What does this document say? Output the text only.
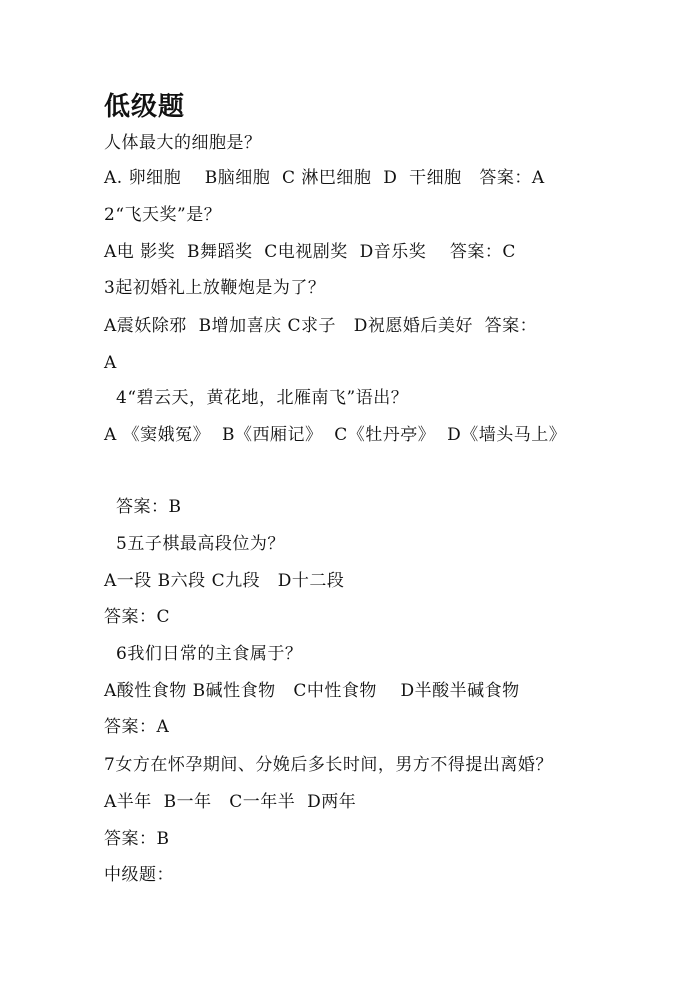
低级题
人体最大的细胞是？
A. 卵细胞    B脑细胞  C 淋巴细胞  D  干细胞   答案：A
2“飞天奖”是？
A电 影奖  B舞蹈奖  C电视剧奖  D音乐奖    答案：C
3起初婚礼上放鞭炮是为了？
A震妖除邪  B增加喜庆 C求子   D祝愿婚后美好  答案：
A
4“碧云天，黄花地，北雁南飞”语出？
A 《窦娥冤》  B《西厢记》  C《牡丹亭》  D《墙头马上》
答案：B
5五子棋最高段位为？
A一段 B六段 C九段   D十二段
答案：C
6我们日常的主食属于？
A酸性食物 B碱性食物   C中性食物    D半酸半碱食物
答案：A
7女方在怀孕期间、分娩后多长时间，男方不得提出离婚？
A半年  B一年   C一年半  D两年
答案：B
中级题：
